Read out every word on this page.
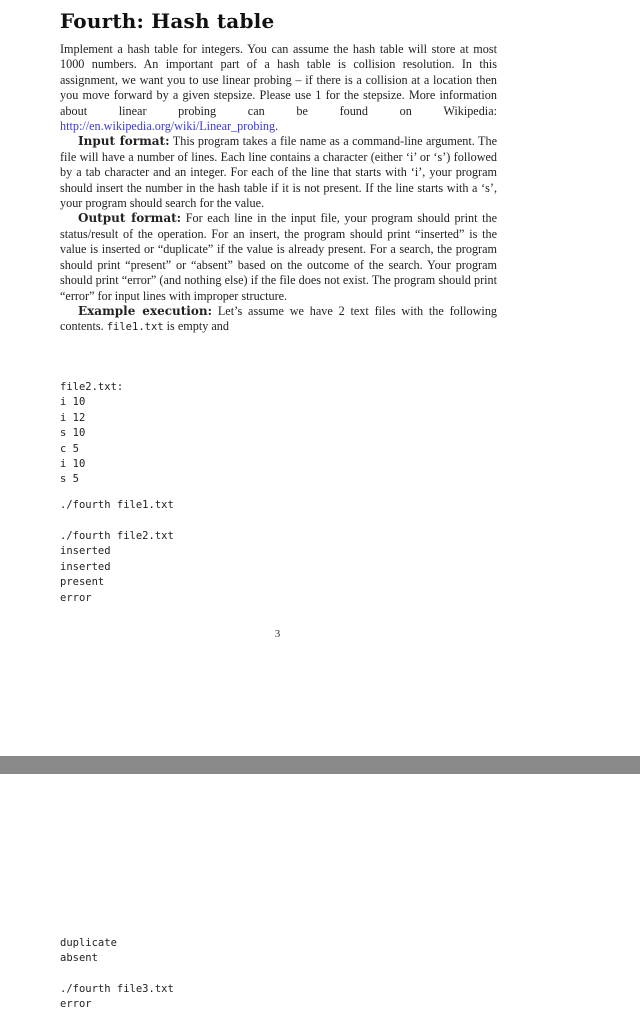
Fourth: Hash table

Implement a hash table for integers. You can assume the hash table will store at most 1000 numbers. An important part of a hash table is collision resolution. In this assignment, we want you to use linear probing – if there is a collision at a location then you move forward by a given stepsize. Please use 1 for the stepsize. More information about linear probing can be found on Wikipedia: http://en.wikipedia.org/wiki/Linear_probing.

Input format: This program takes a file name as a command-line argument. The file will have a number of lines. Each line contains a character (either ‘i’ or ‘s’) followed by a tab character and an integer. For each of the line that starts with ‘i’, your program should insert the number in the hash table if it is not present. If the line starts with a ‘s’, your program should search for the value.

Output format: For each line in the input file, your program should print the status/result of the operation. For an insert, the program should print “inserted” is the value is inserted or “duplicate” if the value is already present. For a search, the program should print “present” or “absent” based on the outcome of the search. Your program should print “error” (and nothing else) if the file does not exist. The program should print “error” for input lines with improper structure.

Example execution: Let’s assume we have 2 text files with the following contents. file1.txt is empty and

file2.txt:
i 10
i 12
s 10
c 5
i 10
s 5
./fourth file1.txt
./fourth file2.txt
inserted
inserted
present
error
3
duplicate
absent
./fourth file3.txt
error
